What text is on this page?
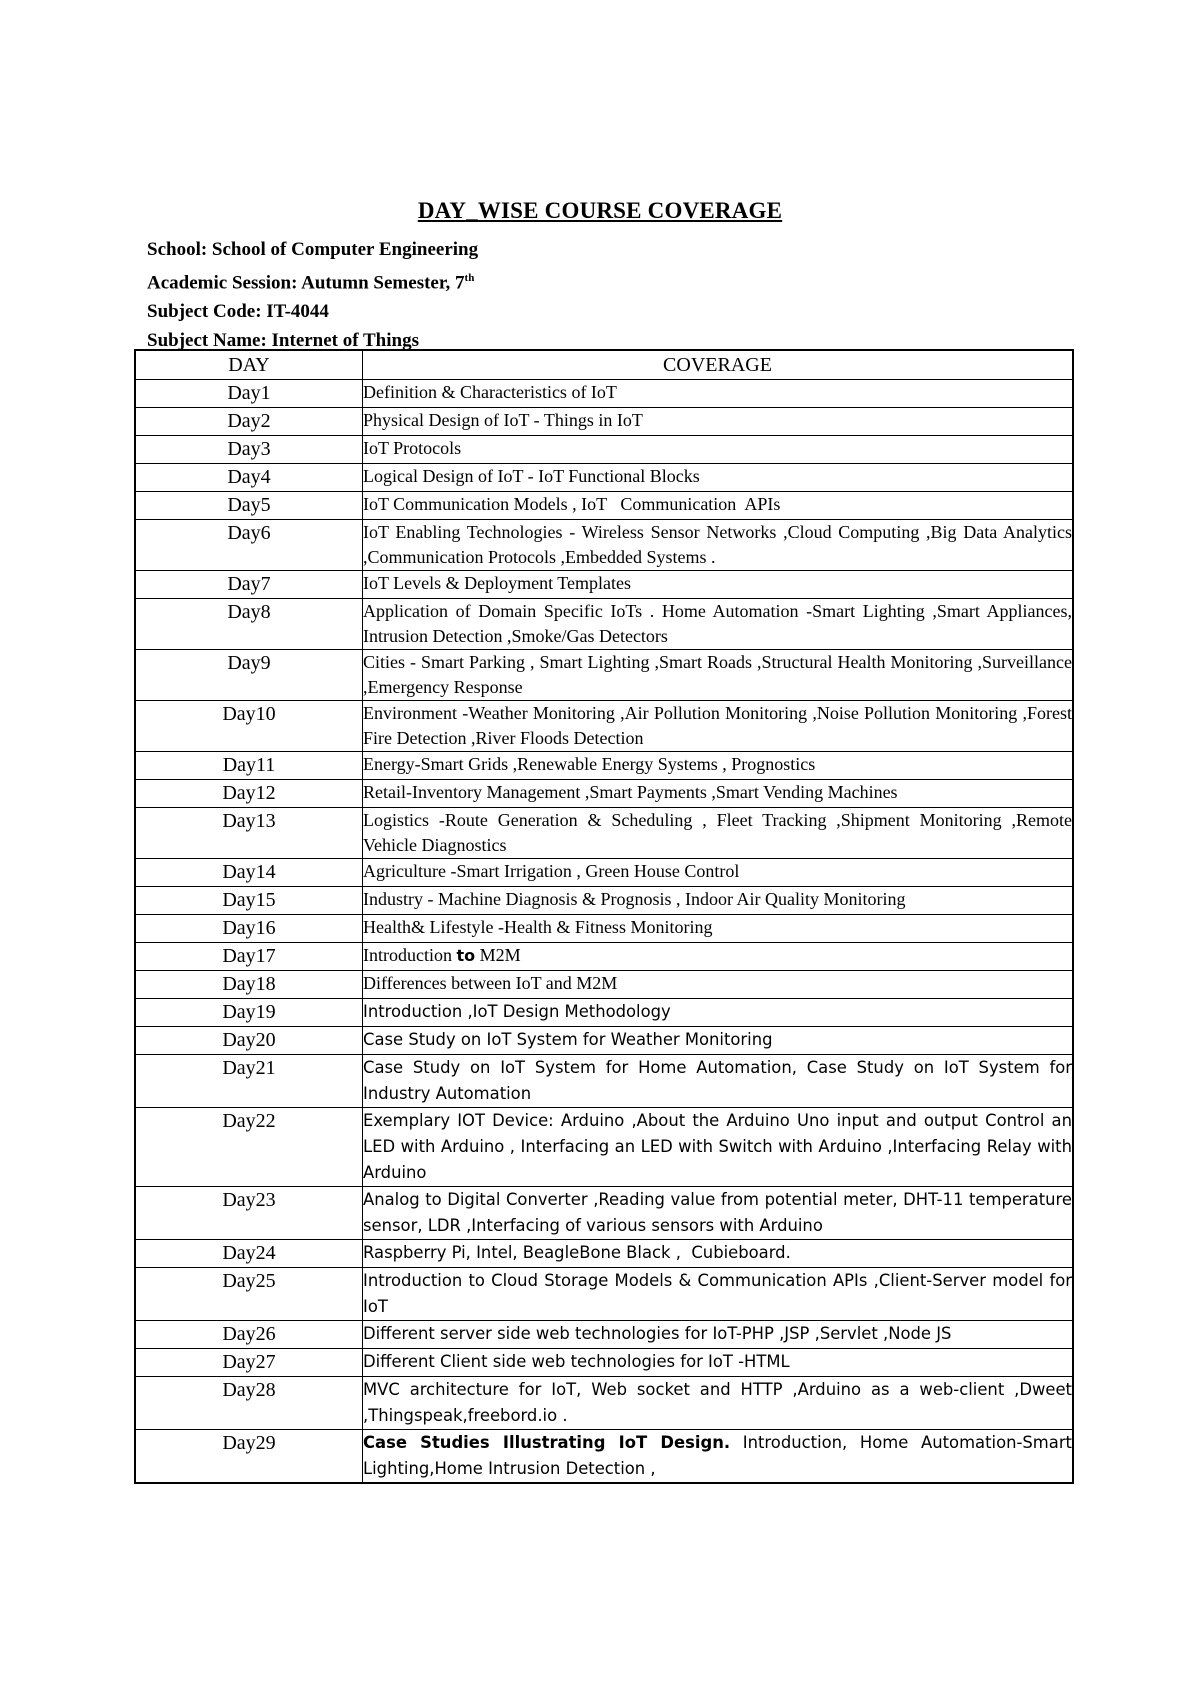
DAY_WISE COURSE COVERAGE
School: School of Computer Engineering
Academic Session: Autumn Semester, 7th
Subject Code: IT-4044
Subject Name: Internet of Things
DAY	COVERAGE
Day1	Definition & Characteristics of IoT
Day2	Physical Design of IoT - Things in IoT
Day3	IoT Protocols
Day4	Logical Design of IoT - IoT Functional Blocks
Day5	IoT Communication Models , IoT   Communication  APIs
Day6	IoT Enabling Technologies - Wireless Sensor Networks ,Cloud Computing ,Big Data Analytics ,Communication Protocols ,Embedded Systems .
Day7	IoT Levels & Deployment Templates
Day8	Application of Domain Specific IoTs . Home Automation -Smart Lighting ,Smart Appliances, Intrusion Detection ,Smoke/Gas Detectors
Day9	Cities - Smart Parking , Smart Lighting ,Smart Roads ,Structural Health Monitoring ,Surveillance ,Emergency Response
Day10	Environment -Weather Monitoring ,Air Pollution Monitoring ,Noise Pollution Monitoring ,Forest Fire Detection ,River Floods Detection
Day11	Energy-Smart Grids ,Renewable Energy Systems , Prognostics
Day12	Retail-Inventory Management ,Smart Payments ,Smart Vending Machines
Day13	Logistics -Route Generation & Scheduling , Fleet Tracking ,Shipment Monitoring ,Remote Vehicle Diagnostics
Day14	Agriculture -Smart Irrigation , Green House Control
Day15	Industry - Machine Diagnosis & Prognosis , Indoor Air Quality Monitoring
Day16	Health& Lifestyle -Health & Fitness Monitoring
Day17	Introduction to M2M
Day18	Differences between IoT and M2M
Day19	Introduction ,IoT Design Methodology
Day20	Case Study on IoT System for Weather Monitoring
Day21	Case Study on IoT System for Home Automation, Case Study on IoT System for Industry Automation
Day22	Exemplary IOT Device: Arduino ,About the Arduino Uno input and output Control an LED with Arduino , Interfacing an LED with Switch with Arduino ,Interfacing Relay with Arduino
Day23	Analog to Digital Converter ,Reading value from potential meter, DHT-11 temperature sensor, LDR ,Interfacing of various sensors with Arduino
Day24	Raspberry Pi, Intel, BeagleBone Black ,  Cubieboard.
Day25	Introduction to Cloud Storage Models & Communication APIs ,Client-Server model for IoT
Day26	Different server side web technologies for IoT-PHP ,JSP ,Servlet ,Node JS
Day27	Different Client side web technologies for IoT -HTML
Day28	MVC architecture for IoT, Web socket and HTTP ,Arduino as a web-client ,Dweet ,Thingspeak,freebord.io .
Day29	Case Studies Illustrating IoT Design. Introduction, Home Automation-Smart Lighting,Home Intrusion Detection ,
